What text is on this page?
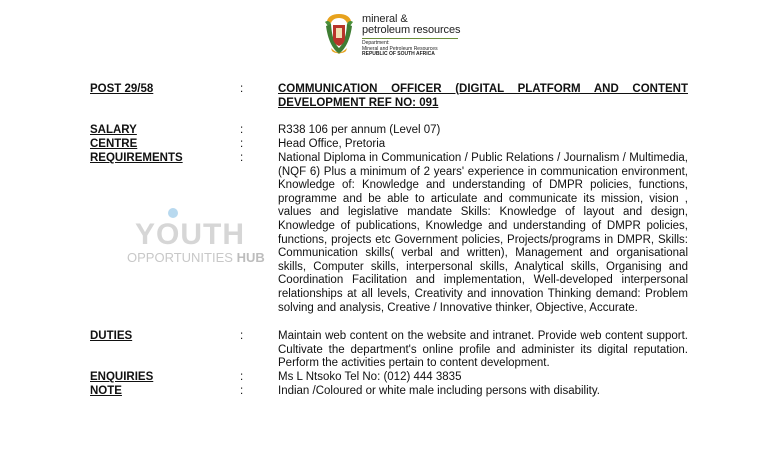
mineral &
petroleum resources
Department:
Mineral and Petroleum Resources
REPUBLIC OF SOUTH AFRICA
YOUTH
OPPORTUNITIES HUB
POST 29/58	:	COMMUNICATION OFFICER (DIGITAL PLATFORM AND CONTENT DEVELOPMENT REF NO: 091
SALARY	:	R338 106 per annum (Level 07)
CENTRE	:	Head Office, Pretoria
REQUIREMENTS	:	National Diploma in Communication / Public Relations / Journalism / Multimedia, (NQF 6) Plus a minimum of 2 years' experience in communication environment, Knowledge of: Knowledge and understanding of DMPR policies, functions, programme and be able to articulate and communicate its mission, vision , values and legislative mandate Skills: Knowledge of layout and design, Knowledge of publications, Knowledge and understanding of DMPR policies, functions, projects etc Government policies, Projects/programs in DMPR, Skills: Communication skills( verbal and written), Management and organisational skills, Computer skills, interpersonal skills, Analytical skills, Organising and Coordination Facilitation and implementation, Well-developed interpersonal relationships at all levels, Creativity and innovation Thinking demand: Problem solving and analysis, Creative / Innovative thinker, Objective, Accurate.
DUTIES	:	Maintain web content on the website and intranet. Provide web content support. Cultivate the department's online profile and administer its digital reputation. Perform the activities pertain to content development.
ENQUIRIES	:	Ms L Ntsoko Tel No: (012) 444 3835
NOTE	:	Indian /Coloured or white male including persons with disability.
